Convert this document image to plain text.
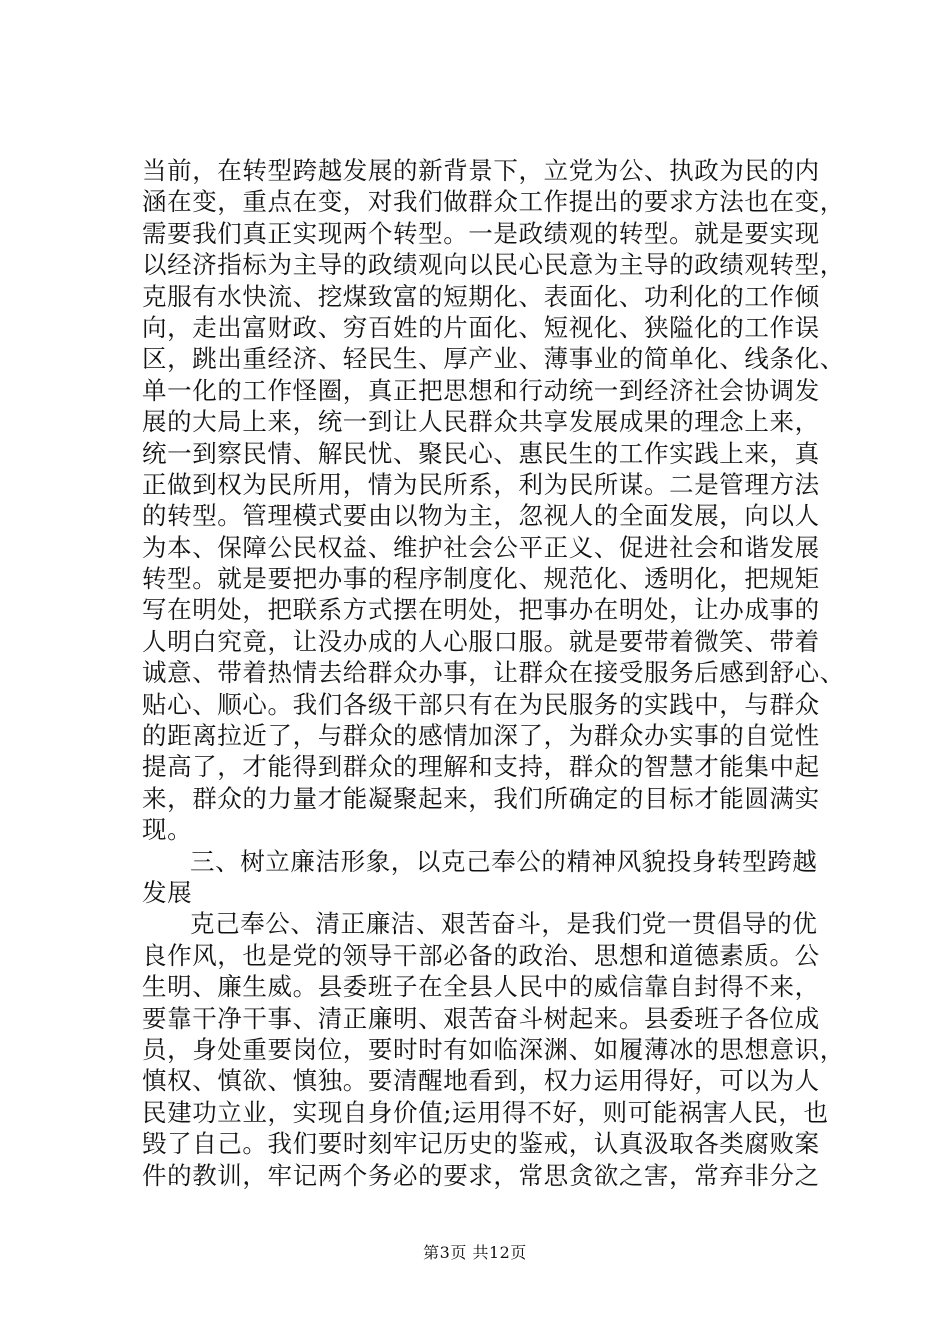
当前，在转型跨越发展的新背景下，立党为公、执政为民的内
涵在变，重点在变，对我们做群众工作提出的要求方法也在变，
需要我们真正实现两个转型。一是政绩观的转型。就是要实现
以经济指标为主导的政绩观向以民心民意为主导的政绩观转型，
克服有水快流、挖煤致富的短期化、表面化、功利化的工作倾
向，走出富财政、穷百姓的片面化、短视化、狭隘化的工作误
区，跳出重经济、轻民生、厚产业、薄事业的简单化、线条化、
单一化的工作怪圈，真正把思想和行动统一到经济社会协调发
展的大局上来，统一到让人民群众共享发展成果的理念上来，
统一到察民情、解民忧、聚民心、惠民生的工作实践上来，真
正做到权为民所用，情为民所系，利为民所谋。二是管理方法
的转型。管理模式要由以物为主，忽视人的全面发展，向以人
为本、保障公民权益、维护社会公平正义、促进社会和谐发展
转型。就是要把办事的程序制度化、规范化、透明化，把规矩
写在明处，把联系方式摆在明处，把事办在明处，让办成事的
人明白究竟，让没办成的人心服口服。就是要带着微笑、带着
诚意、带着热情去给群众办事，让群众在接受服务后感到舒心、
贴心、顺心。我们各级干部只有在为民服务的实践中，与群众
的距离拉近了，与群众的感情加深了，为群众办实事的自觉性
提高了，才能得到群众的理解和支持，群众的智慧才能集中起
来，群众的力量才能凝聚起来，我们所确定的目标才能圆满实
现。
三、树立廉洁形象，以克己奉公的精神风貌投身转型跨越
发展
克己奉公、清正廉洁、艰苦奋斗，是我们党一贯倡导的优
良作风，也是党的领导干部必备的政治、思想和道德素质。公
生明、廉生威。县委班子在全县人民中的威信靠自封得不来，
要靠干净干事、清正廉明、艰苦奋斗树起来。县委班子各位成
员，身处重要岗位，要时时有如临深渊、如履薄冰的思想意识，
慎权、慎欲、慎独。要清醒地看到，权力运用得好，可以为人
民建功立业，实现自身价值;运用得不好，则可能祸害人民，也
毁了自己。我们要时刻牢记历史的鉴戒，认真汲取各类腐败案
件的教训，牢记两个务必的要求，常思贪欲之害，常弃非分之
第3页 共12页
